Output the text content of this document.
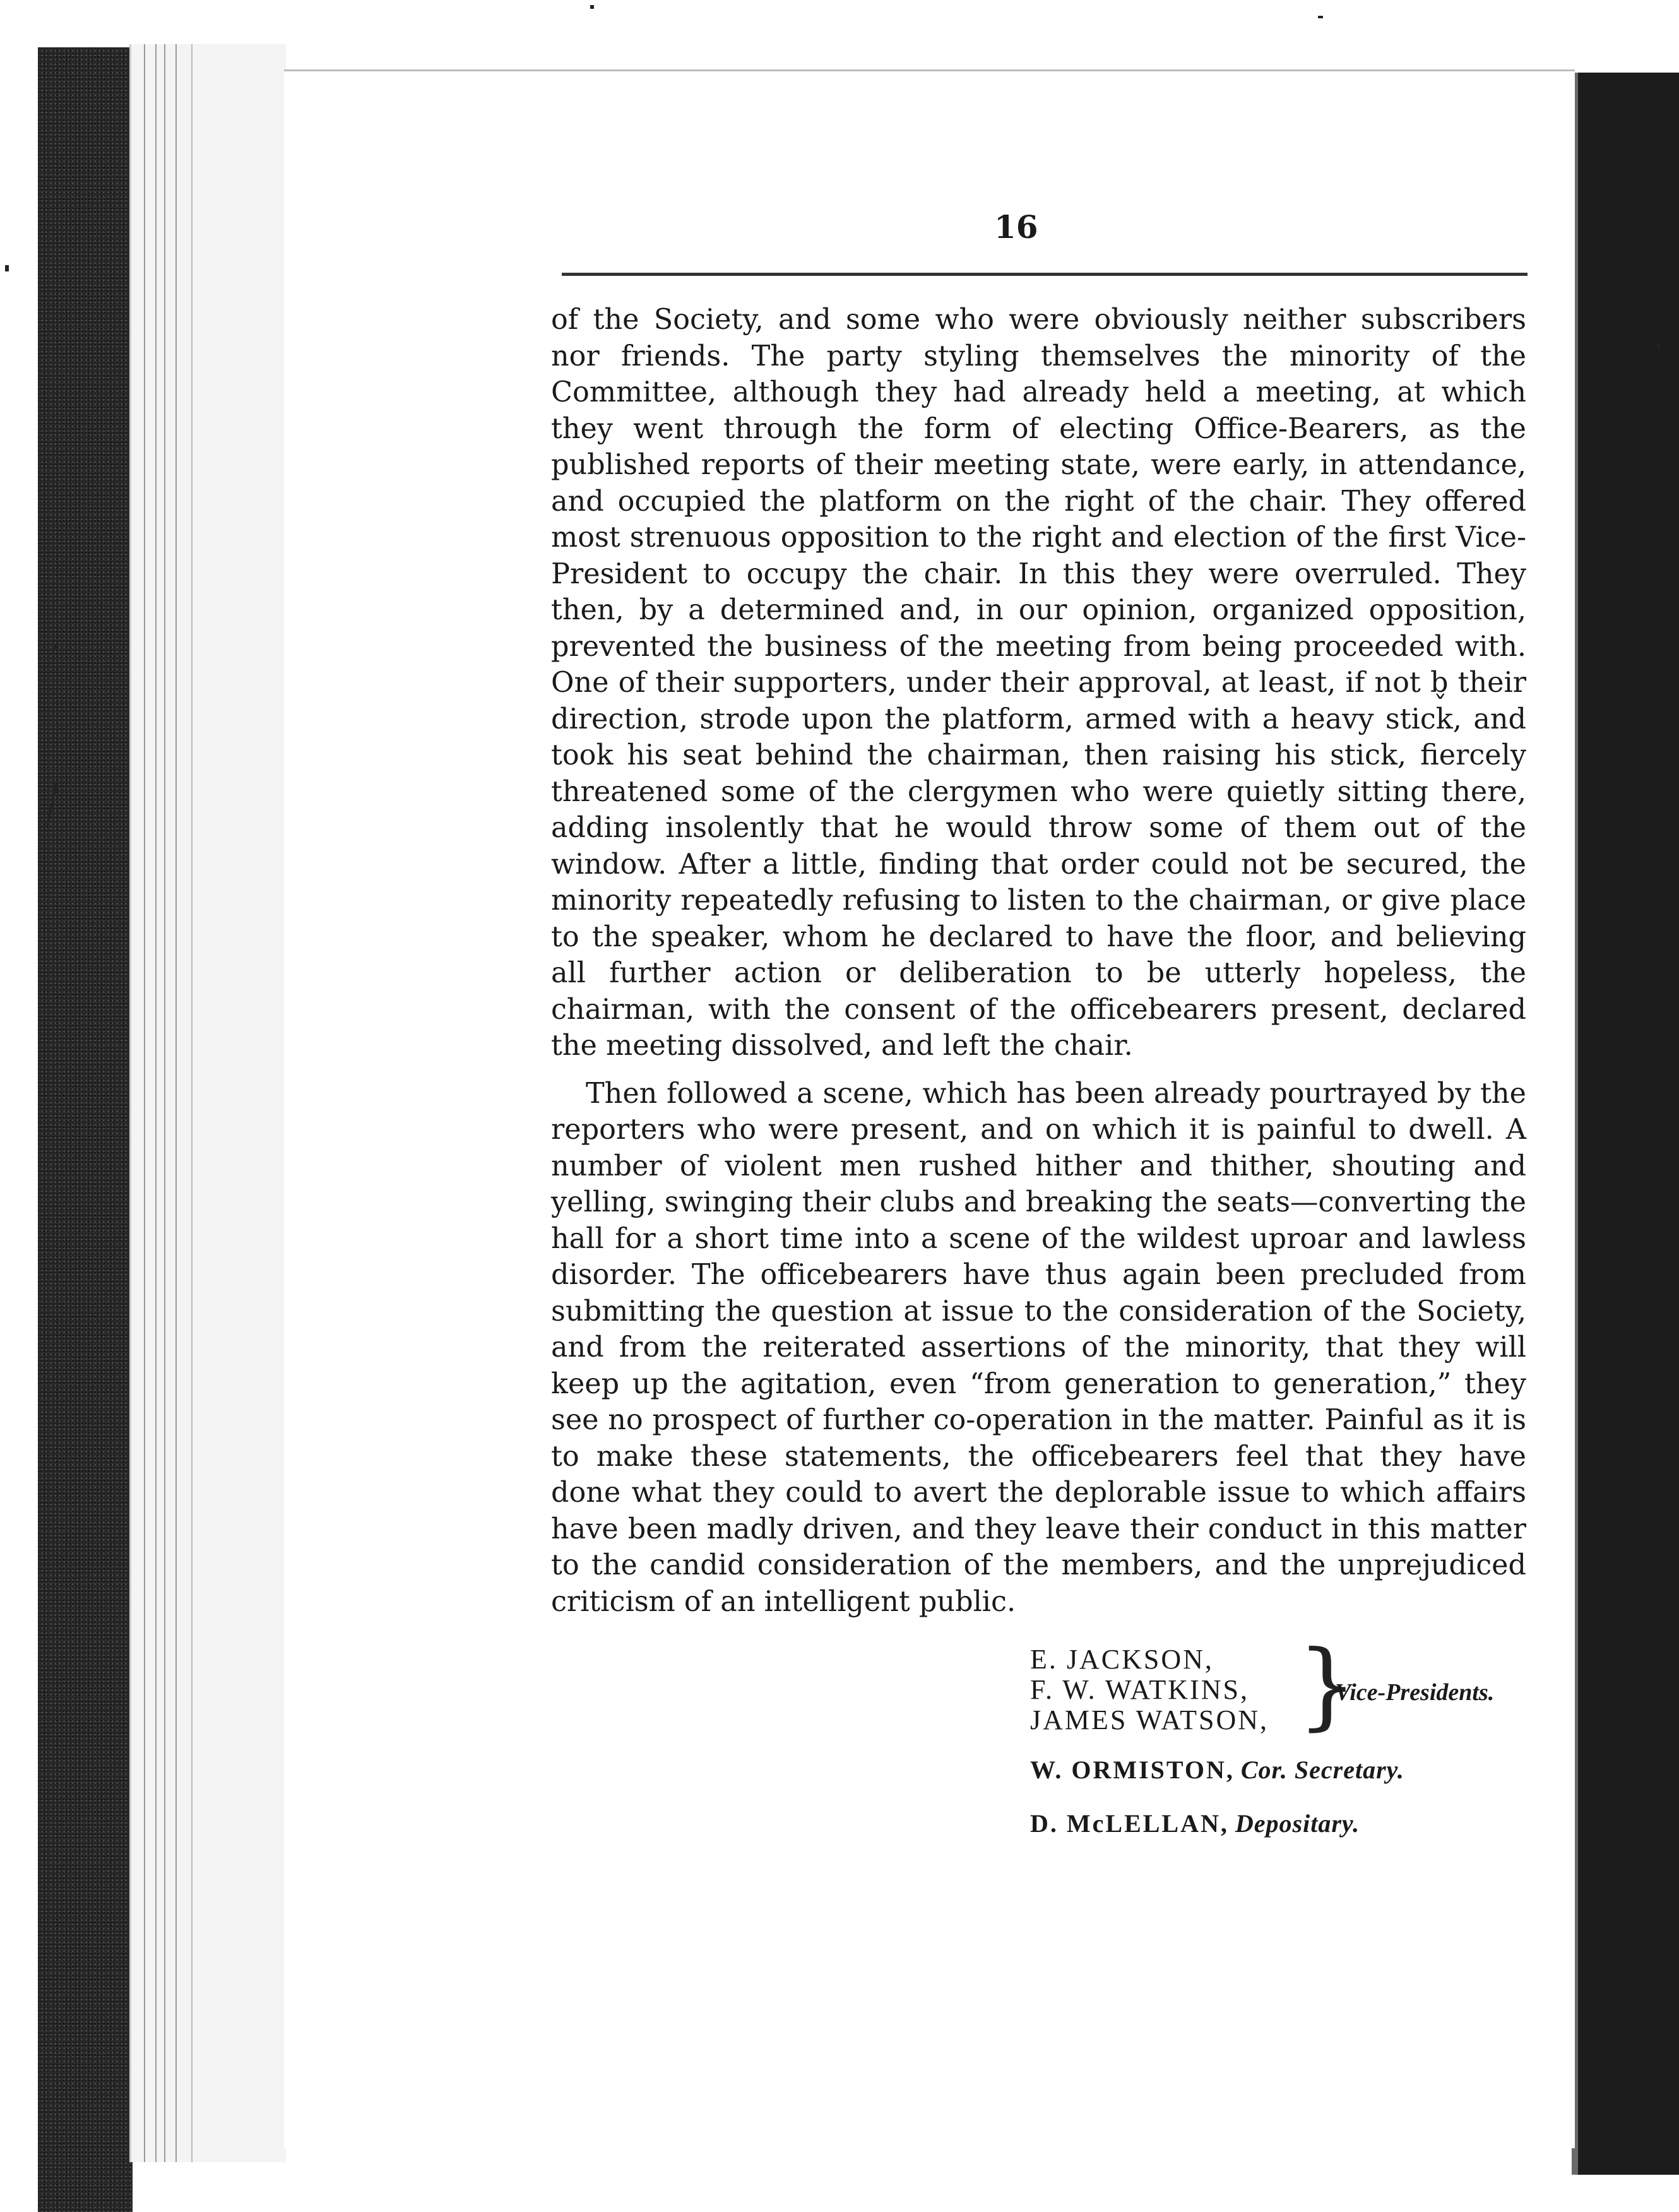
16

of the Society, and some who were obviously neither subscribers nor friends. The party styling themselves the minority of the Committee, although they had already held a meeting, at which they went through the form of electing Office-Bearers, as the published reports of their meeting state, were early, in attendance, and occupied the platform on the right of the chair. They offered most strenuous opposition to the right and election of the first Vice-President to occupy the chair. In this they were overruled. They then, by a determined and, in our opinion, organized opposition, prevented the business of the meeting from being proceeded with. One of their supporters, under their approval, at least, if not b̬ their direction, strode upon the platform, armed with a heavy stick, and took his seat behind the chairman, then raising his stick, fiercely threatened some of the clergymen who were quietly sitting there, adding insolently that he would throw some of them out of the window. After a little, finding that order could not be secured, the minority repeatedly refusing to listen to the chairman, or give place to the speaker, whom he declared to have the floor, and believing all further action or deliberation to be utterly hopeless, the chairman, with the consent of the officebearers present, declared the meeting dissolved, and left the chair.

Then followed a scene, which has been already pourtrayed by the reporters who were present, and on which it is painful to dwell. A number of violent men rushed hither and thither, shouting and yelling, swinging their clubs and breaking the seats—converting the hall for a short time into a scene of the wildest uproar and lawless disorder. The officebearers have thus again been precluded from submitting the question at issue to the consideration of the Society, and from the reiterated assertions of the minority, that they will keep up the agitation, even “from generation to generation,” they see no prospect of further co-operation in the matter. Painful as it is to make these statements, the officebearers feel that they have done what they could to avert the deplorable issue to which affairs have been madly driven, and they leave their conduct in this matter to the candid consideration of the members, and the unprejudiced criticism of an intelligent public.

E. JACKSON,
F. W. WATKINS,
JAMES WATSON, }
Vice-Presidents.
W. ORMISTON, Cor. Secretary.
D. McLELLAN, Depositary.
